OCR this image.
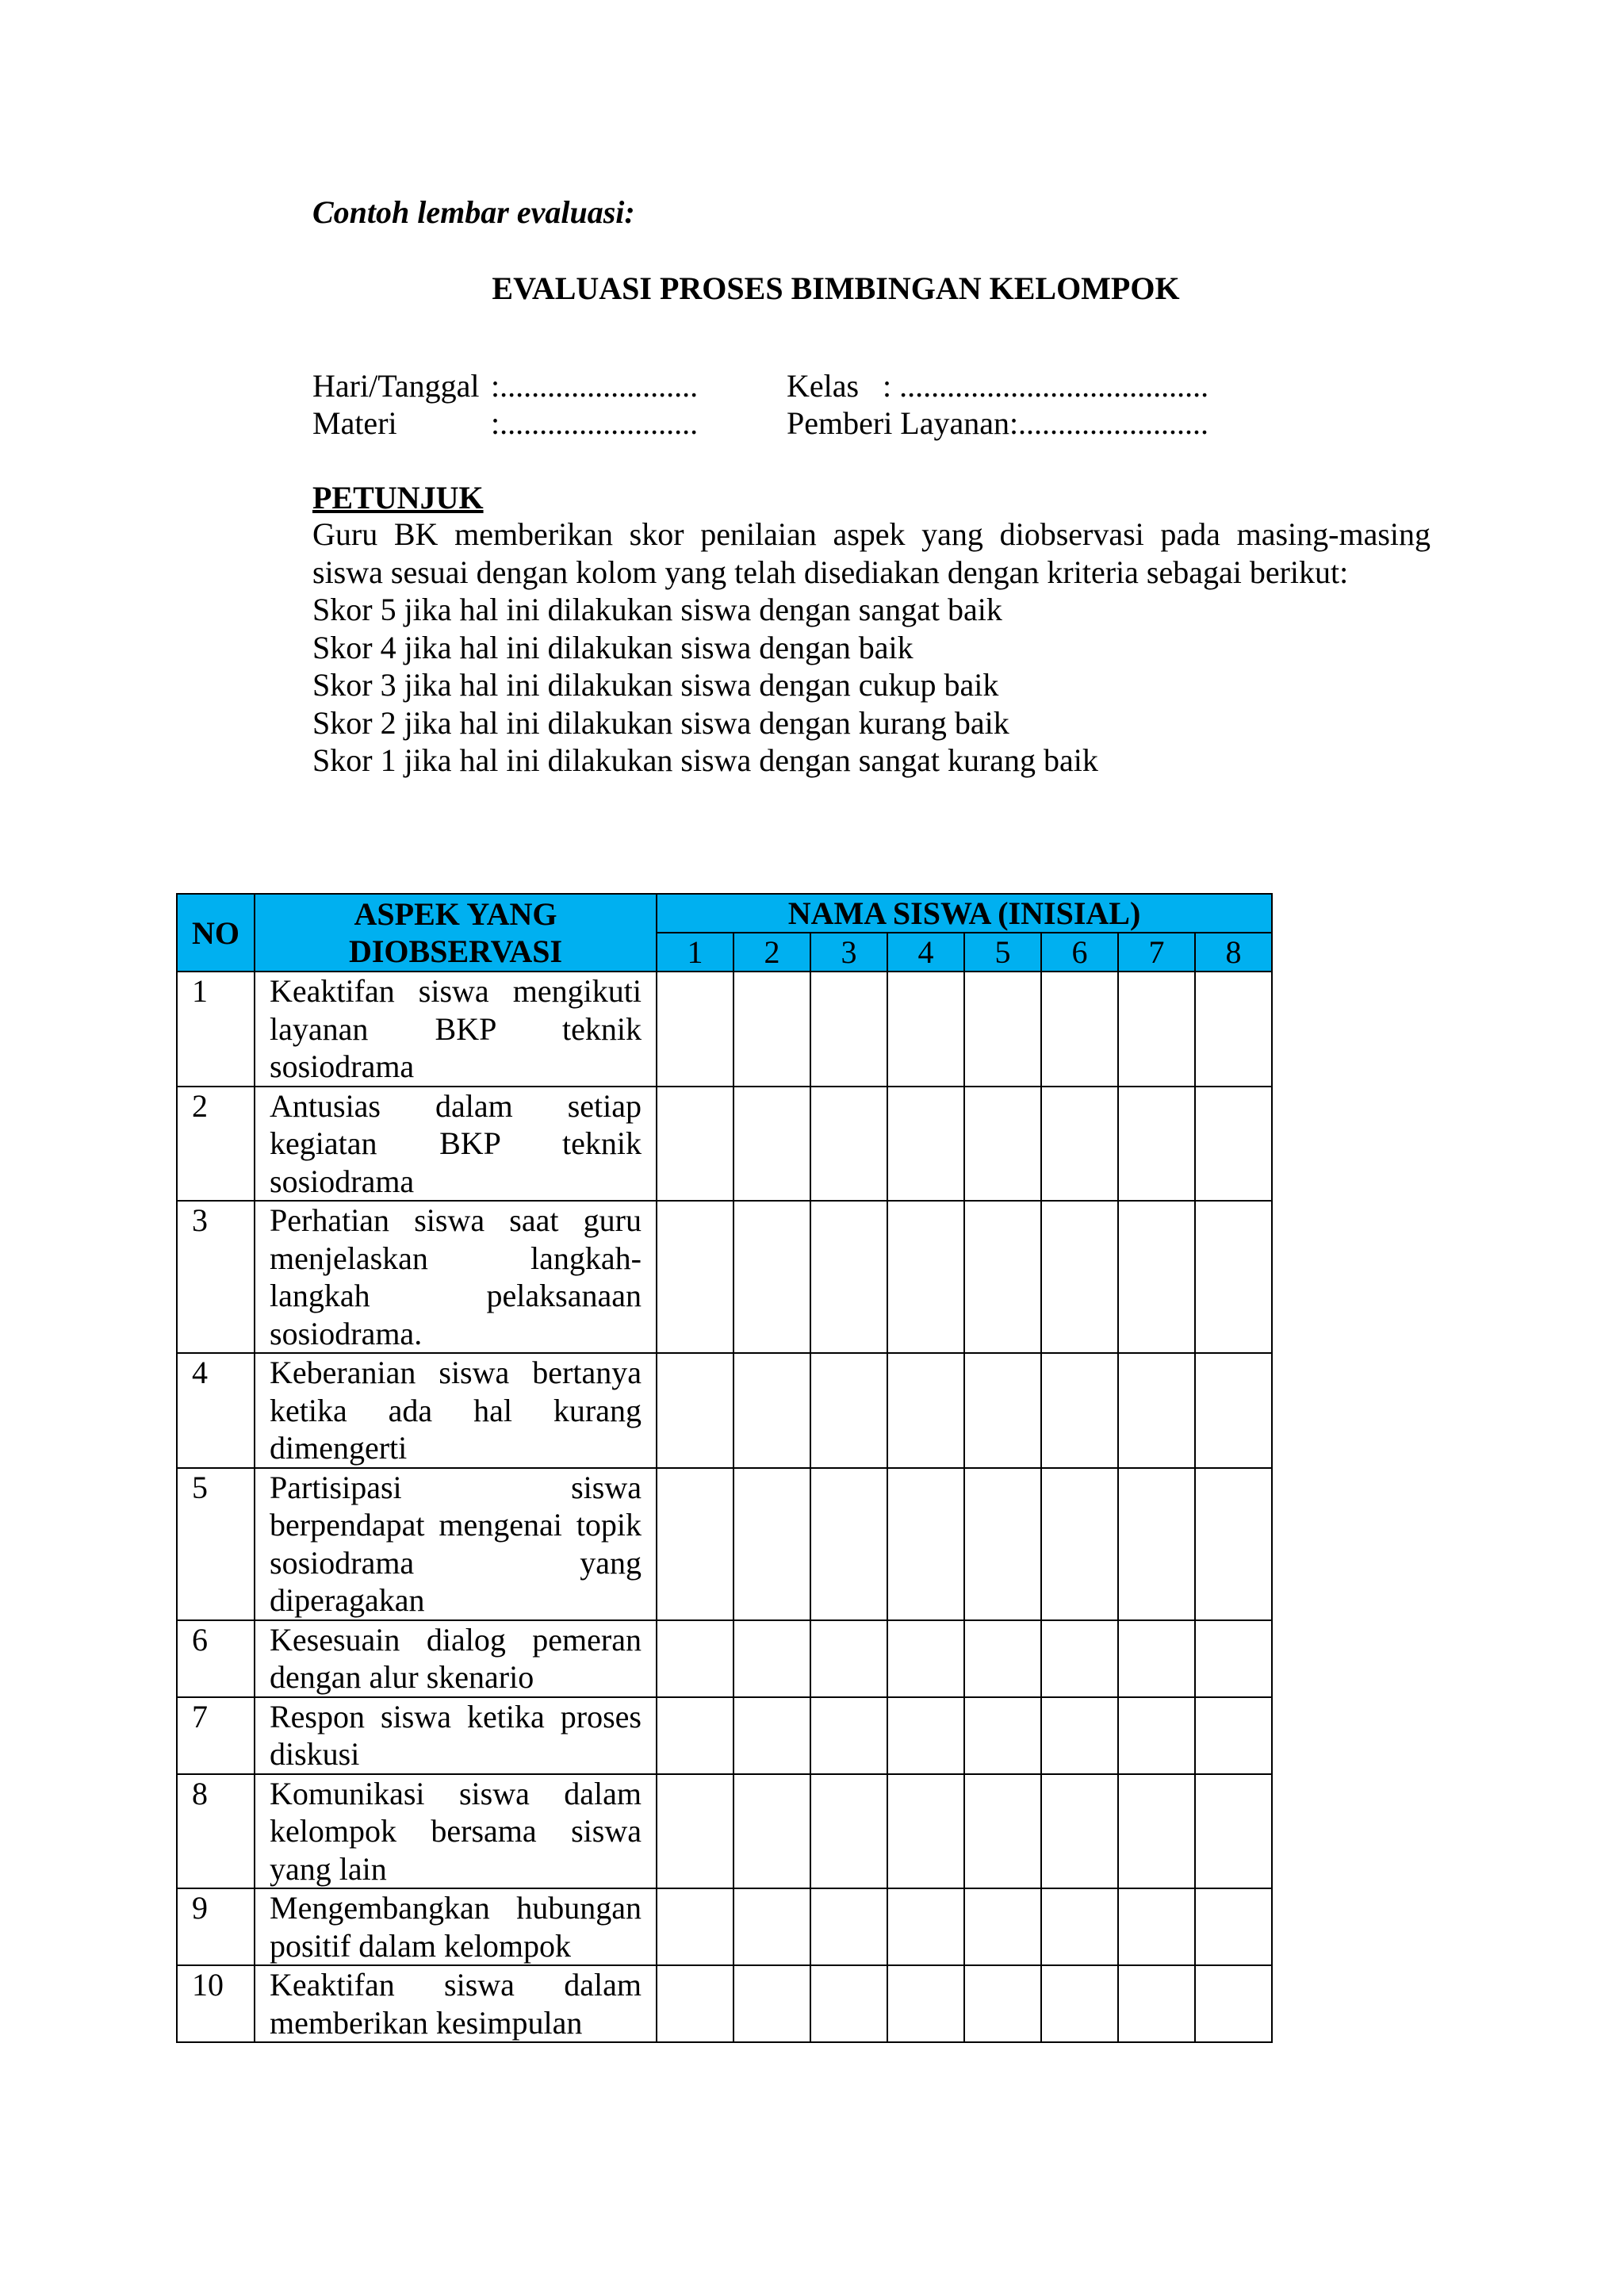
Contoh lembar evaluasi:
EVALUASI PROSES BIMBINGAN KELOMPOK
Hari/Tanggal :.........................	Kelas : .......................................
Materi	:.........................	Pemberi Layanan: ........................
PETUNJUK
Guru BK memberikan skor penilaian aspek yang diobservasi pada masing-masing siswa sesuai dengan kolom yang telah disediakan dengan kriteria sebagai berikut:
Skor 5 jika hal ini dilakukan siswa dengan sangat baik
Skor 4 jika hal ini dilakukan siswa dengan baik
Skor 3 jika hal ini dilakukan siswa dengan cukup baik
Skor 2 jika hal ini dilakukan siswa dengan kurang baik
Skor 1 jika hal ini dilakukan siswa dengan sangat kurang baik
NO	ASPEK YANG DIOBSERVASI	NAMA SISWA (INISIAL)							
		1	2	3	4	5	6	7	8
1	Keaktifan siswa mengikuti layanan BKP teknik sosiodrama								
2	Antusias dalam setiap kegiatan BKP teknik sosiodrama								
3	Perhatian siswa saat guru menjelaskan langkah-langkah pelaksanaan sosiodrama.								
4	Keberanian siswa bertanya ketika ada hal kurang dimengerti								
5	Partisipasi siswa berpendapat mengenai topik sosiodrama yang diperagakan								
6	Kesesuain dialog pemeran dengan alur skenario								
7	Respon siswa ketika proses diskusi								
8	Komunikasi siswa dalam kelompok bersama siswa yang lain								
9	Mengembangkan hubungan positif dalam kelompok								
10	Keaktifan siswa dalam memberikan kesimpulan								
